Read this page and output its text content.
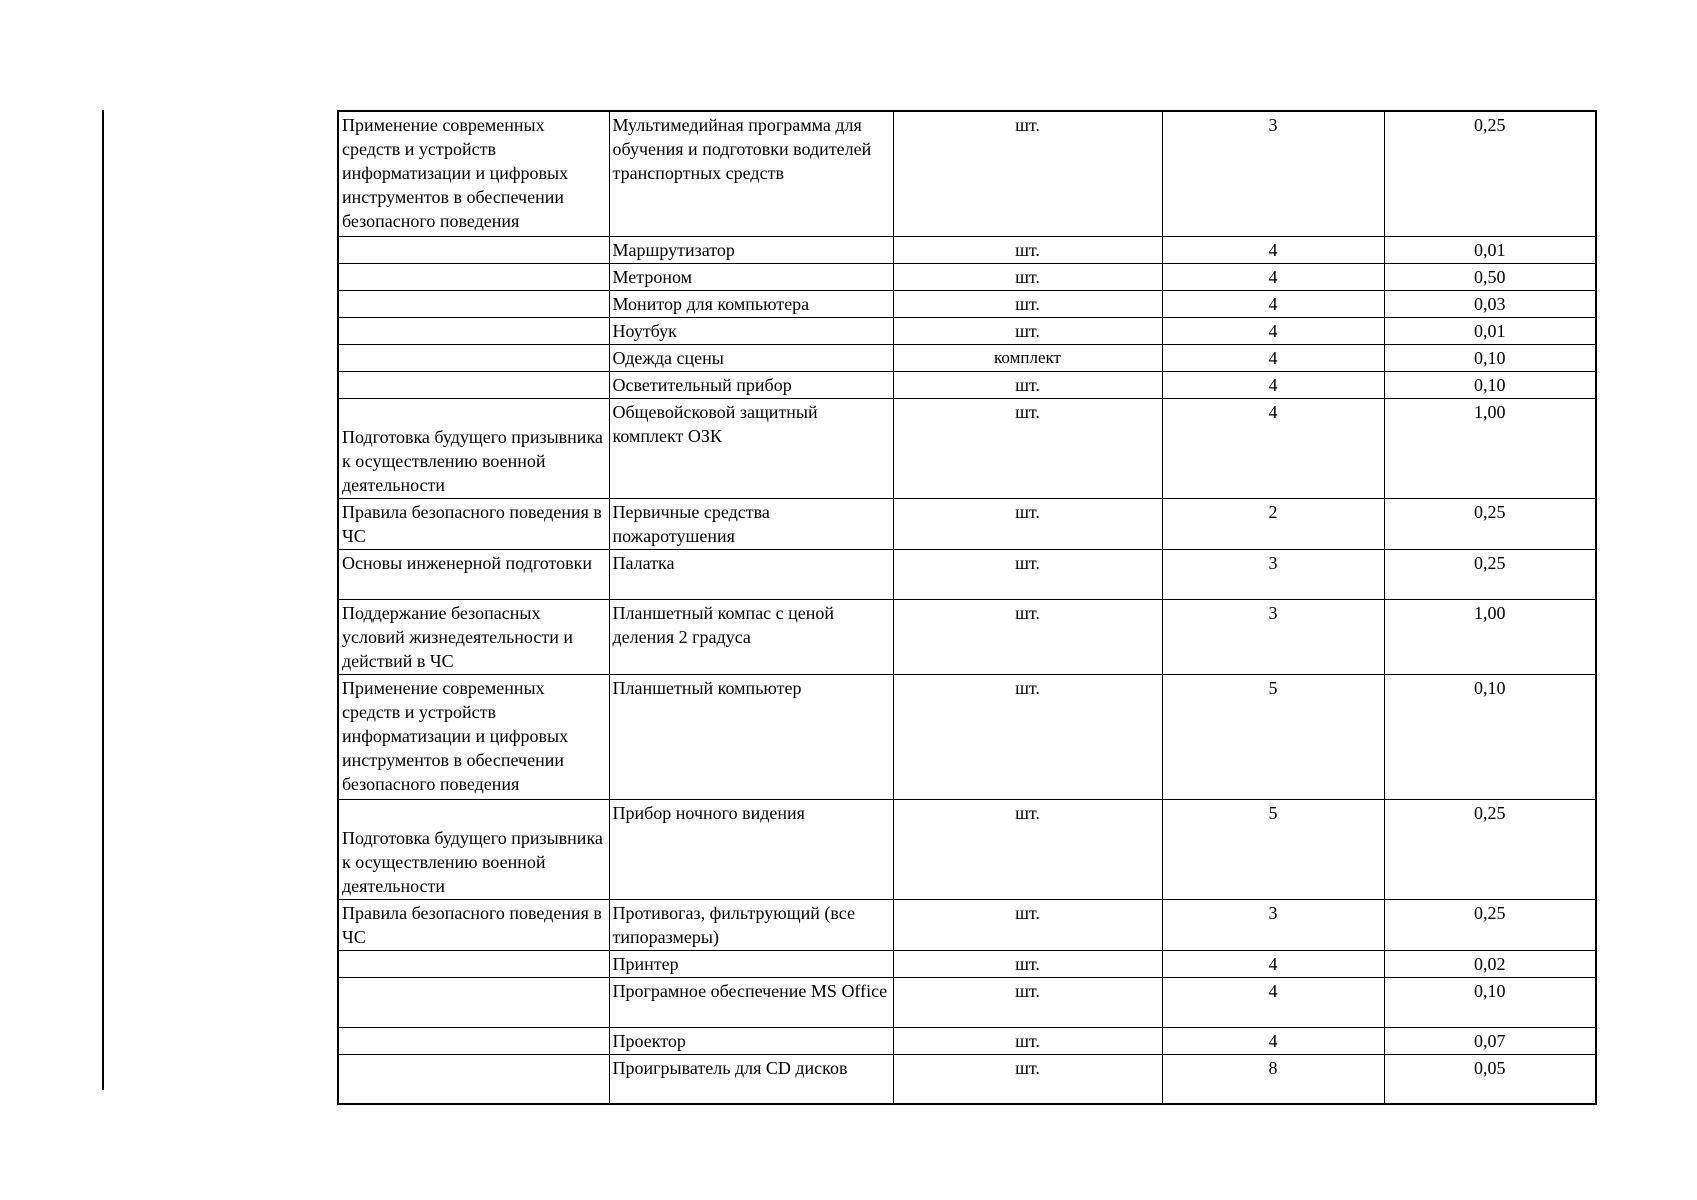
Применение современных средств и устройств информатизации и цифровых инструментов в обеспечении безопасного поведения	Мультимедийная программа для обучения и подготовки водителей транспортных средств	шт.	3	0,25
	Маршрутизатор	шт.	4	0,01
	Метроном	шт.	4	0,50
	Монитор для компьютера	шт.	4	0,03
	Ноутбук	шт.	4	0,01
	Одежда сцены	комплект	4	0,10
	Осветительный прибор	шт.	4	0,10
Подготовка будущего призывника к осуществлению военной деятельности	Общевойсковой защитный комплект ОЗК	шт.	4	1,00
Правила безопасного поведения в ЧС	Первичные средства пожаротушения	шт.	2	0,25
Основы инженерной подготовки	Палатка	шт.	3	0,25
Поддержание безопасных условий жизнедеятельности и действий в ЧС	Планшетный компас с ценой деления 2 градуса	шт.	3	1,00
Применение современных средств и устройств информатизации и цифровых инструментов в обеспечении безопасного поведения	Планшетный компьютер	шт.	5	0,10
Подготовка будущего призывника к осуществлению военной деятельности	Прибор ночного видения	шт.	5	0,25
Правила безопасного поведения в ЧС	Противогаз, фильтрующий (все типоразмеры)	шт.	3	0,25
	Принтер	шт.	4	0,02
	Програмное обеспечение MS Office	шт.	4	0,10
	Проектор	шт.	4	0,07
	Проигрыватель для CD дисков	шт.	8	0,05
